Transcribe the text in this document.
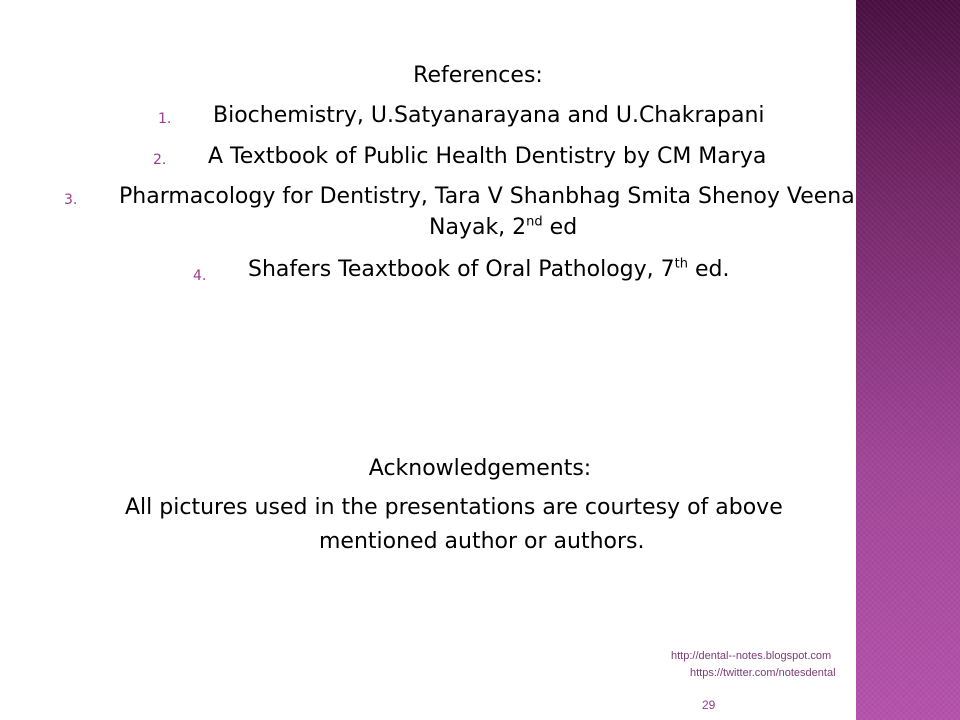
References:
1. Biochemistry, U.Satyanarayana and U.Chakrapani
2. A Textbook of Public Health Dentistry by CM Marya
3. Pharmacology for Dentistry, Tara V Shanbhag Smita Shenoy Veena
Nayak, 2nd ed
4. Shafers Teaxtbook of Oral Pathology, 7th ed.
Acknowledgements:
All pictures used in the presentations are courtesy of above
mentioned author or authors.
http://dental--notes.blogspot.com
https://twitter.com/notesdental
29
